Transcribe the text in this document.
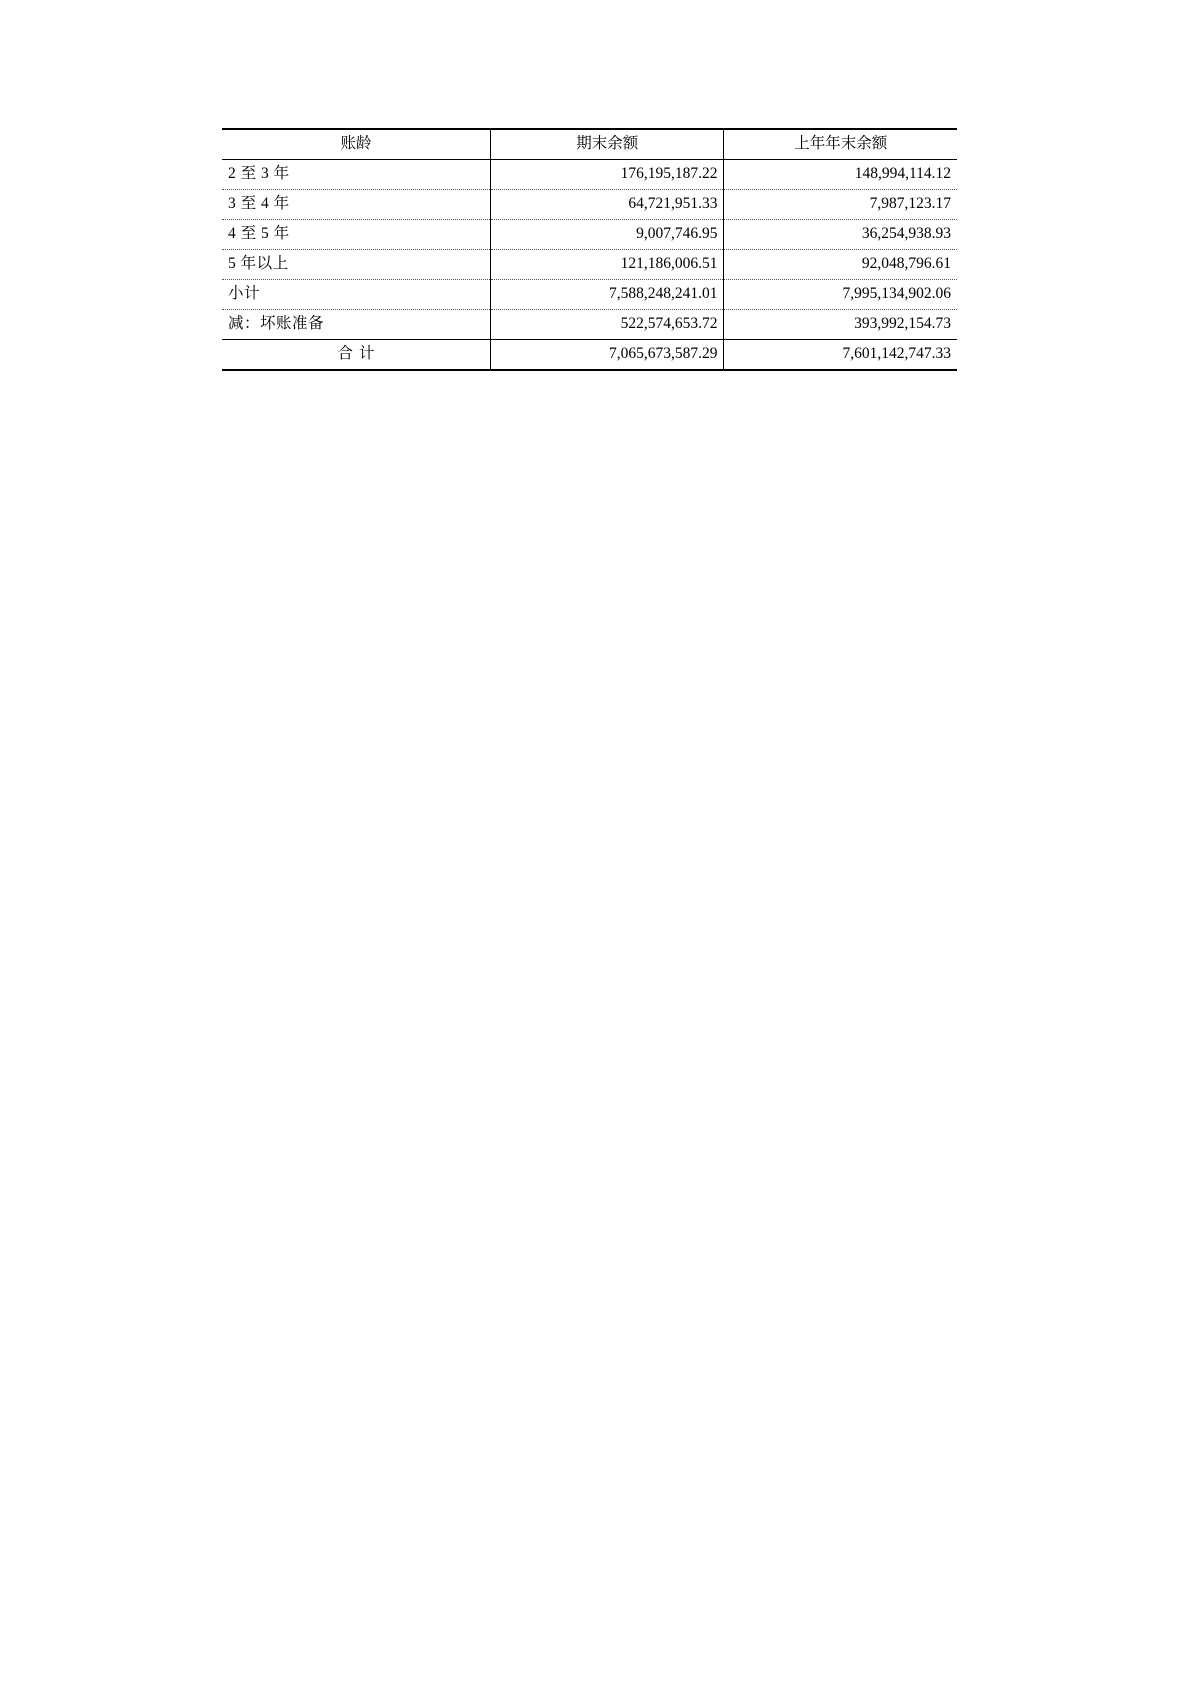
账龄	期末余额	上年年末余额
2 至 3 年	176,195,187.22	148,994,114.12
3 至 4 年	64,721,951.33	7,987,123.17
4 至 5 年	9,007,746.95	36,254,938.93
5 年以上	121,186,006.51	92,048,796.61
小计	7,588,248,241.01	7,995,134,902.06
减：坏账准备	522,574,653.72	393,992,154.73
合计	7,065,673,587.29	7,601,142,747.33
